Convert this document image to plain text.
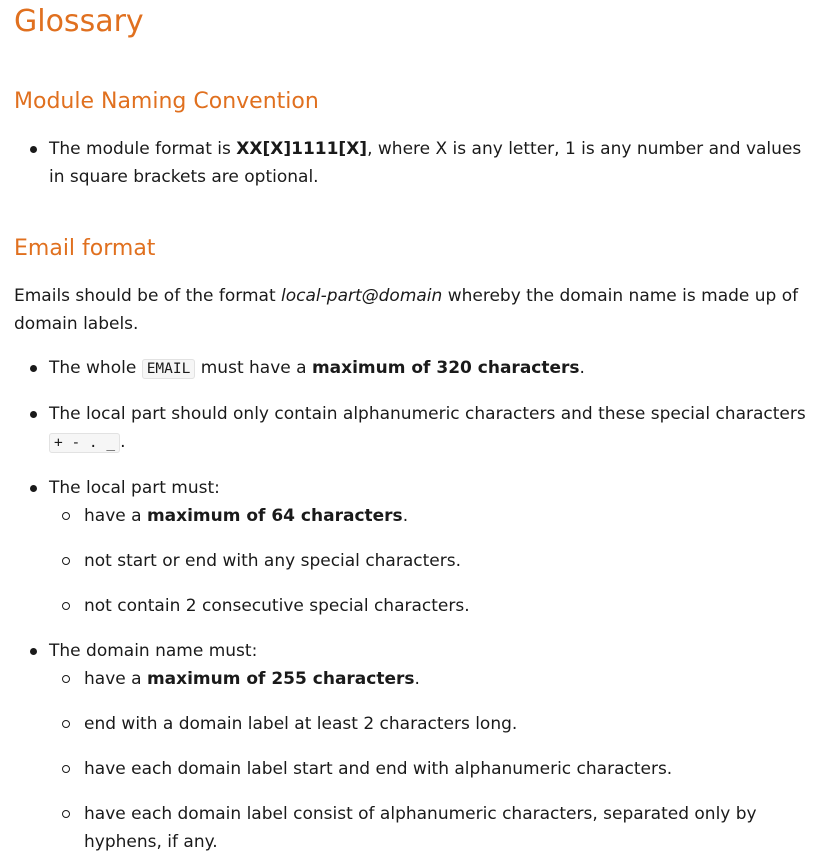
Glossary
Module Naming Convention
The module format is XX[X]1111[X], where X is any letter, 1 is any number and values in square brackets are optional.
Email format

Emails should be of the format local-part@domain whereby the domain name is made up of domain labels.

The whole EMAIL must have a maximum of 320 characters.
The local part should only contain alphanumeric characters and these special characters + - . _ .
The local part must:
have a maximum of 64 characters.
not start or end with any special characters.
not contain 2 consecutive special characters.
The domain name must:
have a maximum of 255 characters.
end with a domain label at least 2 characters long.
have each domain label start and end with alphanumeric characters.
have each domain label consist of alphanumeric characters, separated only by hyphens, if any.
